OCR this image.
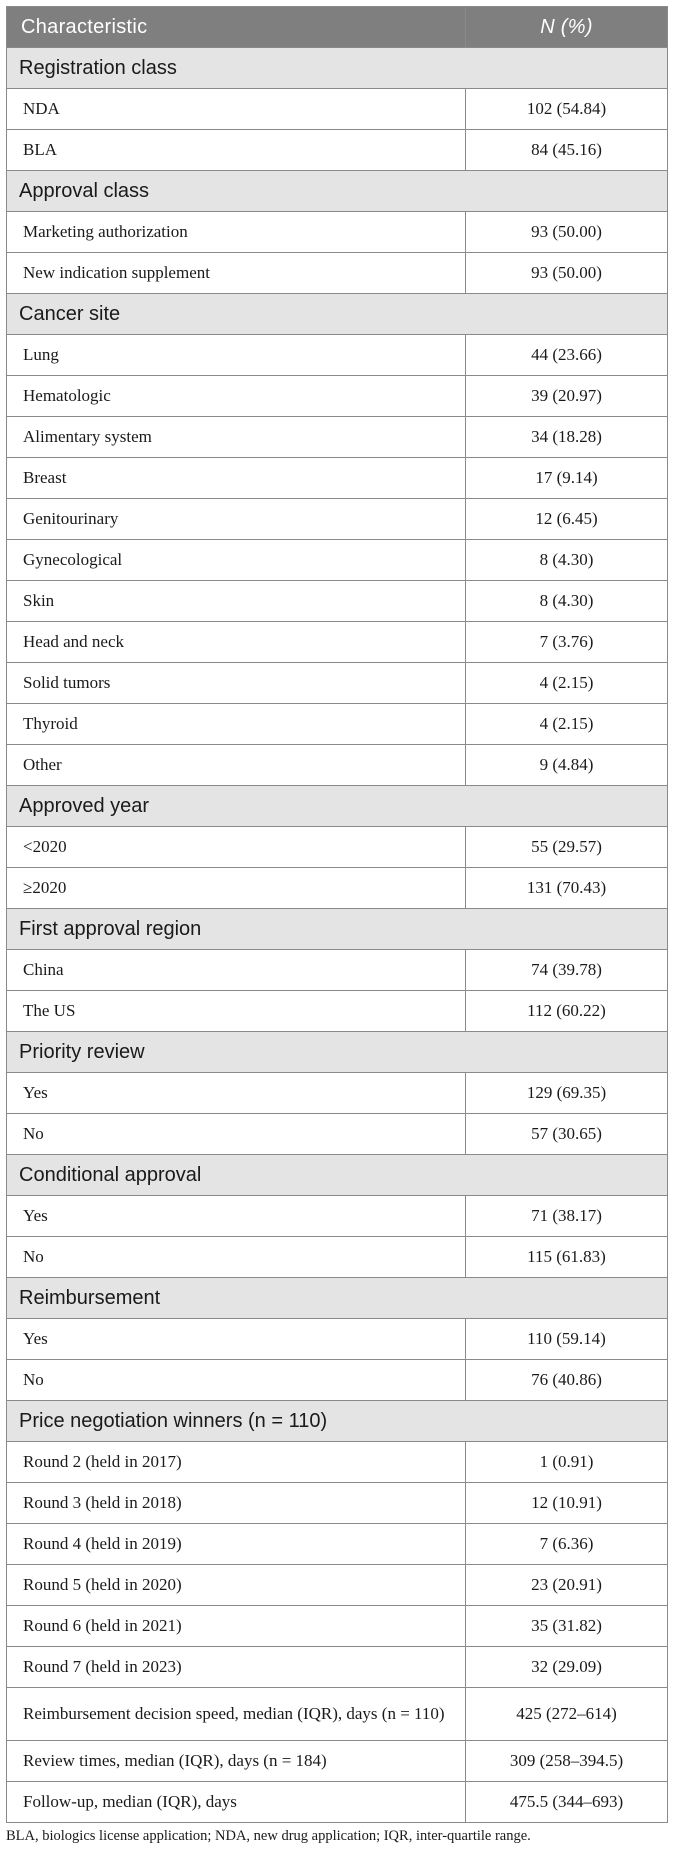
Characteristic	N (%)
Registration class	
NDA	102 (54.84)
BLA	84 (45.16)
Approval class	
Marketing authorization	93 (50.00)
New indication supplement	93 (50.00)
Cancer site	
Lung	44 (23.66)
Hematologic	39 (20.97)
Alimentary system	34 (18.28)
Breast	17 (9.14)
Genitourinary	12 (6.45)
Gynecological	8 (4.30)
Skin	8 (4.30)
Head and neck	7 (3.76)
Solid tumors	4 (2.15)
Thyroid	4 (2.15)
Other	9 (4.84)
Approved year	
<2020	55 (29.57)
≥2020	131 (70.43)
First approval region	
China	74 (39.78)
The US	112 (60.22)
Priority review	
Yes	129 (69.35)
No	57 (30.65)
Conditional approval	
Yes	71 (38.17)
No	115 (61.83)
Reimbursement	
Yes	110 (59.14)
No	76 (40.86)
Price negotiation winners (n = 110)	
Round 2 (held in 2017)	1 (0.91)
Round 3 (held in 2018)	12 (10.91)
Round 4 (held in 2019)	7 (6.36)
Round 5 (held in 2020)	23 (20.91)
Round 6 (held in 2021)	35 (31.82)
Round 7 (held in 2023)	32 (29.09)
Reimbursement decision speed, median (IQR), days (n = 110)	425 (272–614)
Review times, median (IQR), days (n = 184)	309 (258–394.5)
Follow-up, median (IQR), days	475.5 (344–693)
BLA, biologics license application; NDA, new drug application; IQR, inter-quartile range.
